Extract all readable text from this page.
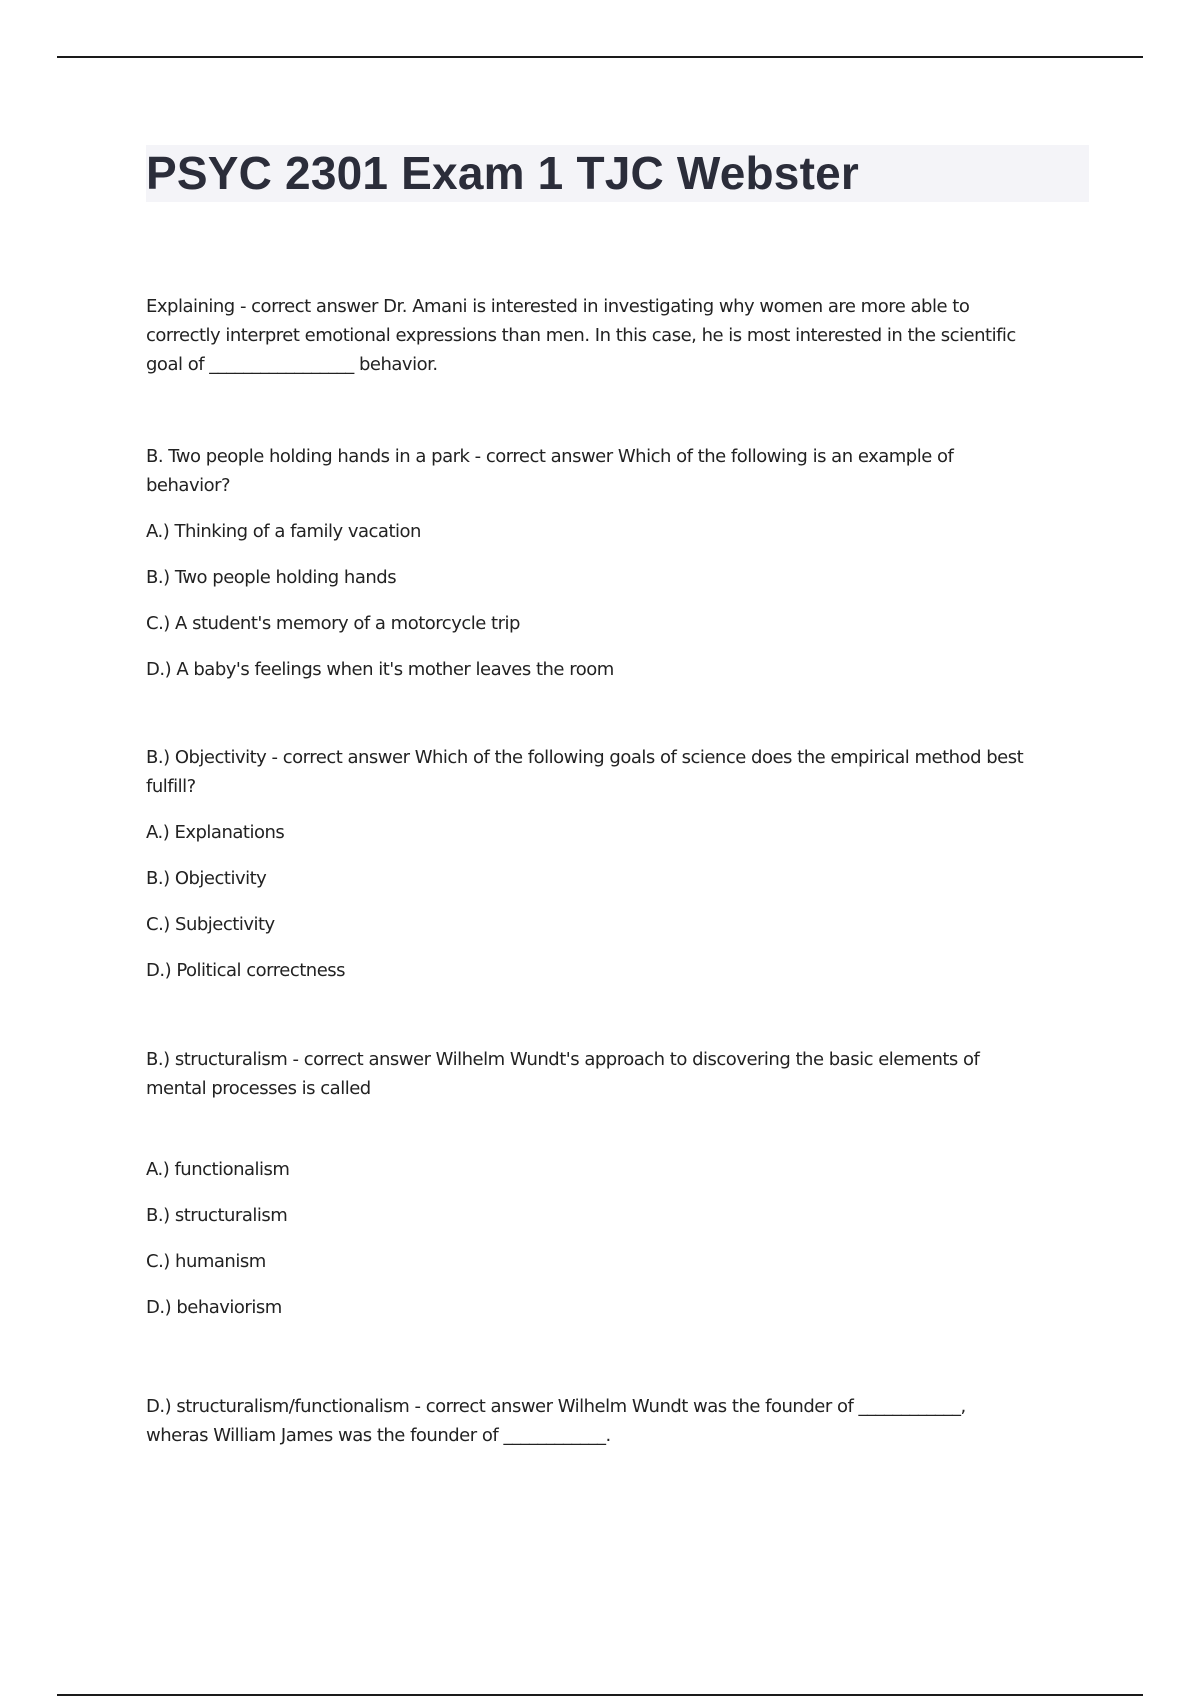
PSYC 2301 Exam 1 TJC Webster

Explaining - correct answer Dr. Amani is interested in investigating why women are more able to

correctly interpret emotional expressions than men. In this case, he is most interested in the scientific

goal of _________________ behavior.

B. Two people holding hands in a park - correct answer Which of the following is an example of

behavior?

A.) Thinking of a family vacation

B.) Two people holding hands

C.) A student's memory of a motorcycle trip

D.) A baby's feelings when it's mother leaves the room

B.) Objectivity - correct answer Which of the following goals of science does the empirical method best

fulfill?

A.) Explanations

B.) Objectivity

C.) Subjectivity

D.) Political correctness

B.) structuralism - correct answer Wilhelm Wundt's approach to discovering the basic elements of

mental processes is called

A.) functionalism

B.) structuralism

C.) humanism

D.) behaviorism

D.) structuralism/functionalism - correct answer Wilhelm Wundt was the founder of ____________,

wheras William James was the founder of ____________.
